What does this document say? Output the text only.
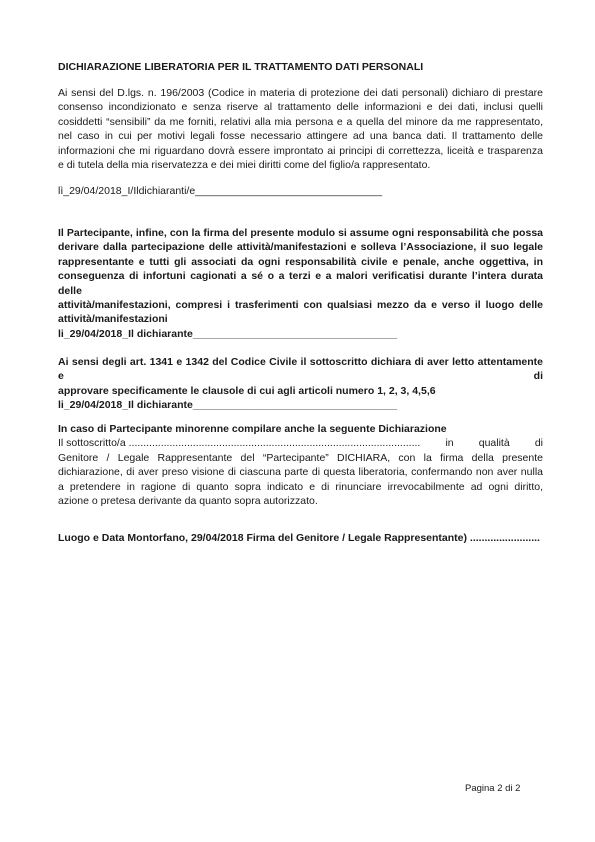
DICHIARAZIONE LIBERATORIA PER IL TRATTAMENTO DATI PERSONALI
Ai sensi del D.lgs. n. 196/2003 (Codice in materia di protezione dei dati personali) dichiaro di prestare
consenso incondizionato e senza riserve al trattamento delle informazioni e dei dati, inclusi quelli
cosiddetti “sensibili” da me forniti, relativi alla mia persona e a quella del minore da me rappresentato,
nel caso in cui per motivi legali fosse necessario attingere ad una banca dati. Il trattamento delle
informazioni che mi riguardano dovrà essere improntato ai principi di correttezza, liceità e trasparenza
e di tutela della mia riservatezza e dei miei diritti come del figlio/a rappresentato.
lì_29/04/2018_I/Ildichiaranti/e________________________________
Il Partecipante, infine, con la firma del presente modulo si assume ogni responsabilità che possa
derivare dalla partecipazione delle attività/manifestazioni e solleva l’Associazione, il suo legale
rappresentante e tutti gli associati da ogni responsabilità civile e penale, anche oggettiva, in
conseguenza di infortuni cagionati a sé o a terzi e a malori verificatisi durante l’intera durata delle
attività/manifestazioni, compresi i trasferimenti con qualsiasi mezzo da e verso il luogo delle
attività/manifestazioni
li_29/04/2018_Il dichiarante___________________________________
Ai sensi degli art. 1341 e 1342 del Codice Civile il sottoscritto dichiara di aver letto attentamente e di
approvare specificamente le clausole di cui agli articoli numero 1, 2, 3, 4,5,6
li_29/04/2018_Il dichiarante___________________________________
In caso di Partecipante minorenne compilare anche la seguente Dichiarazione
Il sottoscritto/a .................................................................................................... in qualità di
Genitore / Legale Rappresentante del “Partecipante” DICHIARA, con la firma della presente
dichiarazione, di aver preso visione di ciascuna parte di questa liberatoria, confermando non aver nulla
a pretendere in ragione di quanto sopra indicato e di rinunciare irrevocabilmente ad ogni diritto,
azione o pretesa derivante da quanto sopra autorizzato.
Luogo e Data Montorfano, 29/04/2018 Firma del Genitore / Legale Rappresentante) ........................
Pagina 2 di 2
